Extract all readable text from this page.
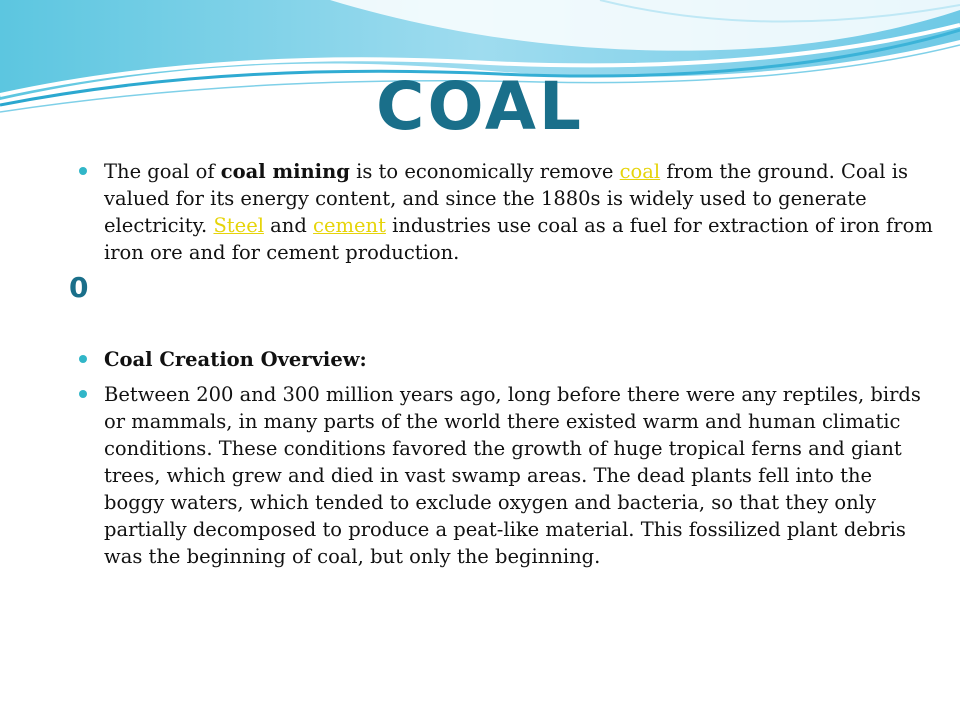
COAL
The goal of coal mining is to economically remove coal from the ground. Coal is valued for its energy content, and since the 1880s is widely used to generate electricity. Steel and cement industries use coal as a fuel for extraction of iron from iron ore and for cement production.
0
Coal Creation Overview:
Between 200 and 300 million years ago, long before there were any reptiles, birds or mammals, in many parts of the world there existed warm and human climatic conditions. These conditions favored the growth of huge tropical ferns and giant trees, which grew and died in vast swamp areas. The dead plants fell into the boggy waters, which tended to exclude oxygen and bacteria, so that they only partially decomposed to produce a peat-like material. This fossilized plant debris was the beginning of coal, but only the beginning.
